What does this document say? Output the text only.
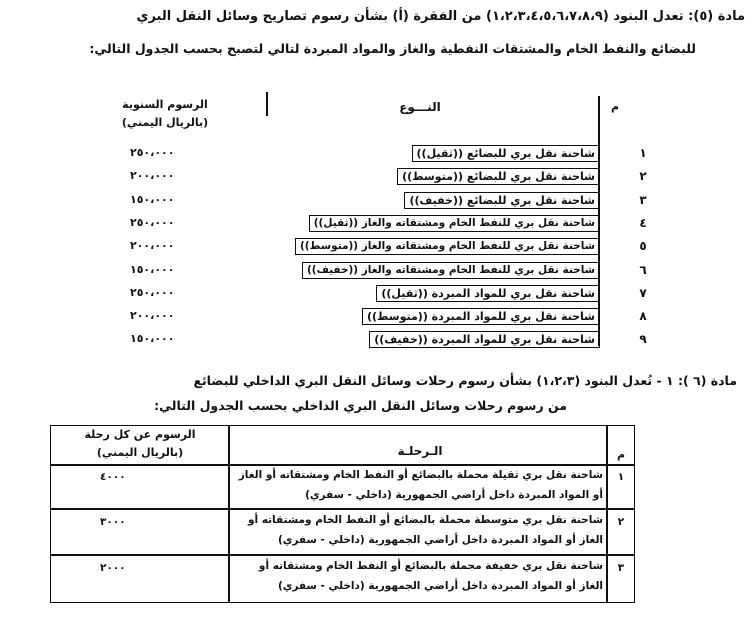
مادة (٥): تعدل البنود (١،٢،٣،٤،٥،٦،٧،٨،٩) من الفقرة (أ) بشأن رسوم تصاريح وسائل النقل البري
للبضائع والنفط الخام والمشتقات النفطية والغاز والمواد المبردة لتالي لتصبح بحسب الجدول التالي:
م
النـــوع
الرسوم السنوية
(بالريال اليمني)
١
شاحنة نقل بري للبضائع ((ثقيل))
٢٥٠،٠٠٠
٢
شاحنة نقل بري للبضائع ((متوسط))
٢٠٠،٠٠٠
٣
شاحنة نقل بري للبضائع ((خفيف))
١٥٠،٠٠٠
٤
شاحنة نقل بري للنفط الخام ومشتقاته والغاز ((ثقيل))
٢٥٠،٠٠٠
٥
شاحنة نقل بري للنفط الخام ومشتقاته والغاز ((متوسط))
٢٠٠،٠٠٠
٦
شاحنة نقل بري للنفط الخام ومشتقاته والغاز ((خفيف))
١٥٠،٠٠٠
٧
شاحنة نقل بري للمواد المبردة ((ثقيل))
٢٥٠،٠٠٠
٨
شاحنة نقل بري للمواد المبردة ((متوسط))
٢٠٠،٠٠٠
٩
شاحنة نقل بري للمواد المبردة ((خفيف))
١٥٠،٠٠٠
مادة (٦ ): ١ - تُعدل البنود (١،٢،٣) بشأن رسوم رحلات وسائل النقل البري الداخلي للبضائع
من رسوم رحلات وسائل النقل البري الداخلي بحسب الجدول التالي:
م
الـرحلـة
الرسوم عن كل رحلة
(بالريال اليمني)
١
شاحنة نقل بري ثقيلة محملة بالبضائع أو النفط الخام ومشتقاته أو الغاز
أو المواد المبردة داخل أراضي الجمهورية (داخلي - سفري)
٤٠٠٠
٢
شاحنة نقل بري متوسطة محملة بالبضائع أو النفط الخام ومشتقاته أو
الغاز أو المواد المبردة داخل أراضي الجمهورية (داخلي - سفري)
٣٠٠٠
٣
شاحنة نقل بري خفيفة محملة بالبضائع أو النفط الخام ومشتقاته أو
الغاز أو المواد المبردة داخل أراضي الجمهورية (داخلي - سفري)
٢٠٠٠
